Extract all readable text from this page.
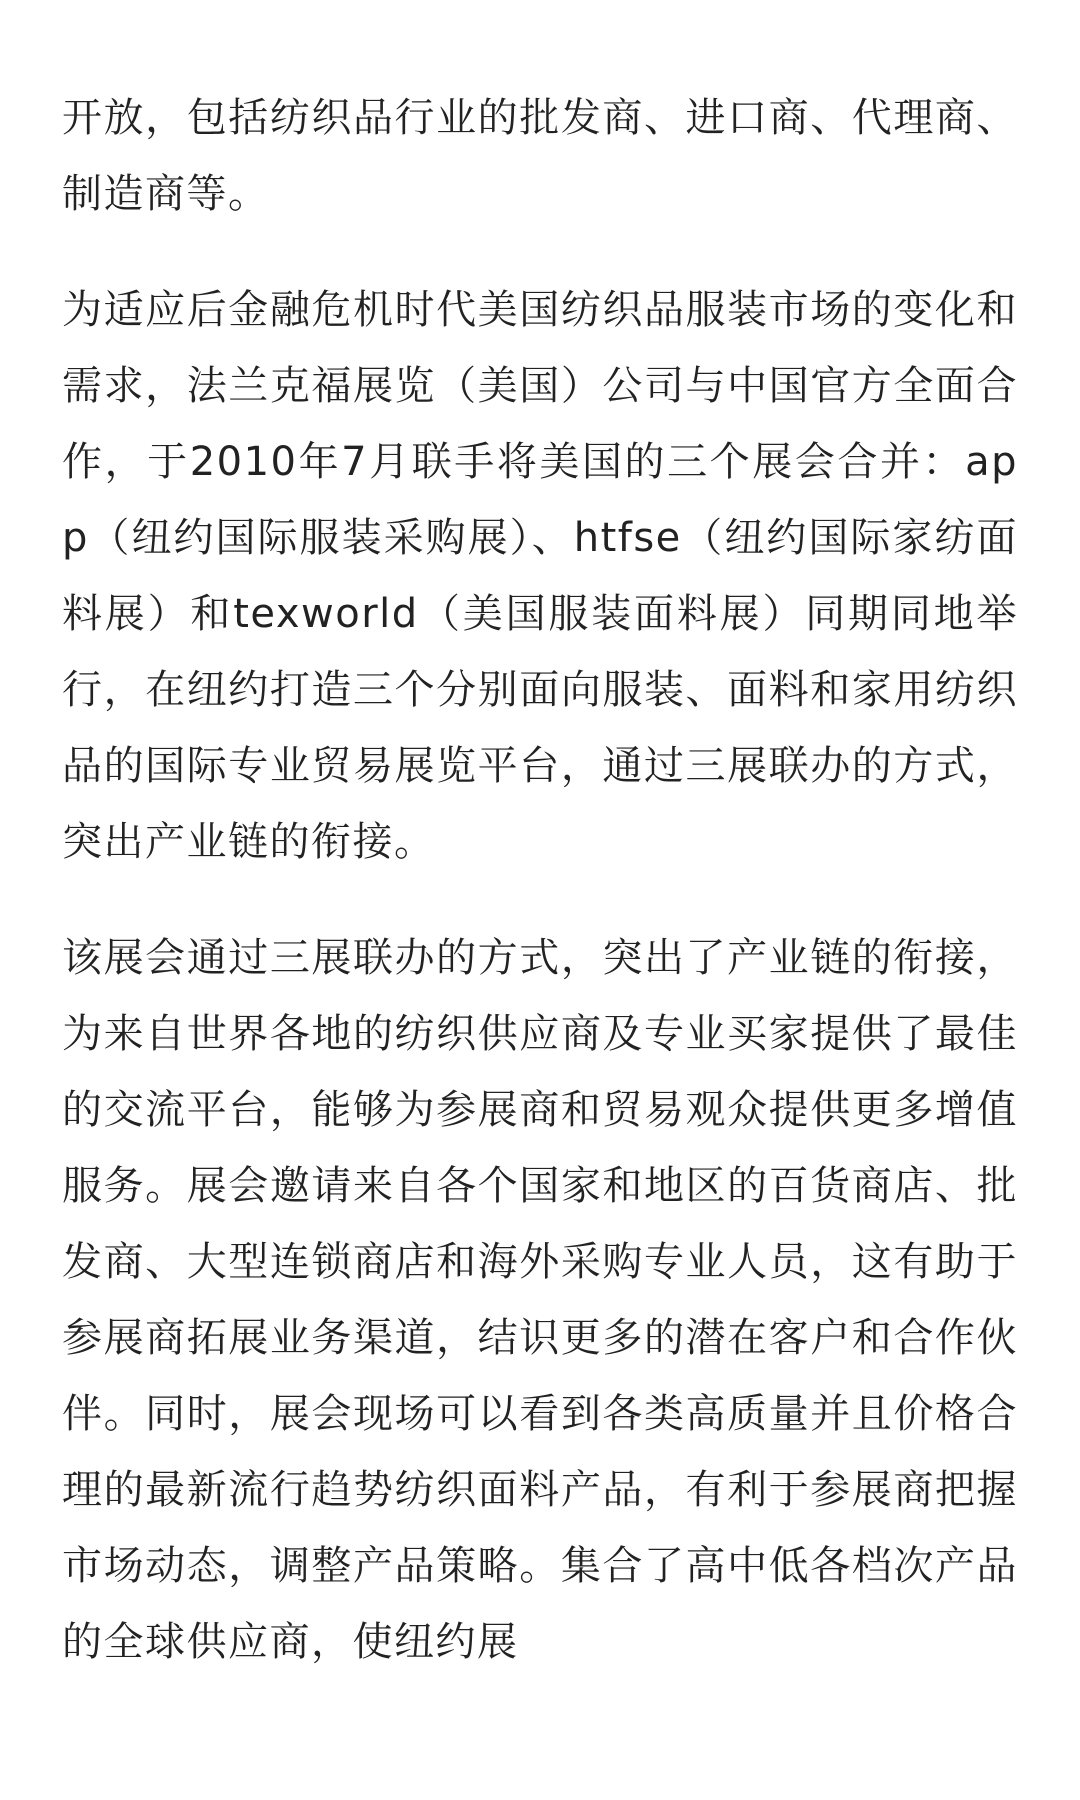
开放，包括纺织品行业的批发商、进口商、代理商、制造商等。

为适应后金融危机时代美国纺织品服装市场的变化和需求，法兰克福展览（美国）公司与中国官方全面合作，于2010年7月联手将美国的三个展会合并：app（纽约国际服装采购展）、htfse（纽约国际家纺面料展）和texworld（美国服装面料展）同期同地举行，在纽约打造三个分别面向服装、面料和家用纺织品的国际专业贸易展览平台，通过三展联办的方式，突出产业链的衔接。

该展会通过三展联办的方式，突出了产业链的衔接，为来自世界各地的纺织供应商及专业买家提供了最佳的交流平台，能够为参展商和贸易观众提供更多增值服务。展会邀请来自各个国家和地区的百货商店、批发商、大型连锁商店和海外采购专业人员，这有助于参展商拓展业务渠道，结识更多的潜在客户和合作伙伴。同时，展会现场可以看到各类高质量并且价格合理的最新流行趋势纺织面料产品，有利于参展商把握市场动态，调整产品策略。集合了高中低各档次产品的全球供应商，使纽约展
